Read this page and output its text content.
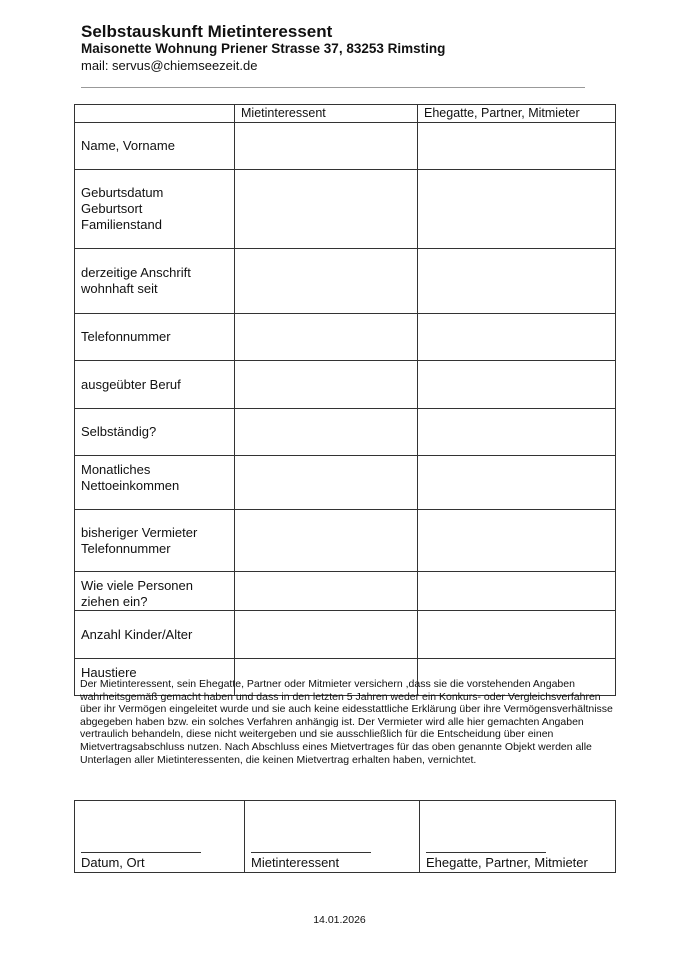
Selbstauskunft Mietinteressent
Maisonette Wohnung Priener Strasse 37, 83253 Rimsting
mail: servus@chiemseezeit.de
	Mietinteressent	Ehegatte, Partner, Mitmieter

Name, Vorname		

Geburtsdatum
Geburtsort
Familienstand		

derzeitige Anschrift
wohnhaft seit		

Telefonnummer		

ausgeübter Beruf		

Selbständig?		

Monatliches
Nettoeinkommen		

bisheriger Vermieter
Telefonnummer		

Wie viele Personen
ziehen ein?		

Anzahl Kinder/Alter		

Haustiere		

Der Mietinteressent, sein Ehegatte, Partner oder Mitmieter versichern ,dass sie die vorstehenden Angaben wahrheitsgemäß gemacht haben und dass in den letzten 5 Jahren weder ein Konkurs- oder Vergleichsverfahren über ihr Vermögen eingeleitet wurde und sie auch keine eidesstattliche Erklärung über ihre Vermögensverhältnisse abgegeben haben bzw. ein solches Verfahren anhängig ist. Der Vermieter wird alle hier gemachten Angaben vertraulich behandeln, diese nicht weitergeben und sie ausschließlich für die Entscheidung über einen Mietvertragsabschluss nutzen. Nach Abschluss eines Mietvertrages für das oben genannte Objekt werden alle Unterlagen aller Mietinteressenten, die keinen Mietvertrag erhalten haben, vernichtet.
Datum, Ort	Mietinteressent	Ehegatte, Partner, Mitmieter
14.01.2026
